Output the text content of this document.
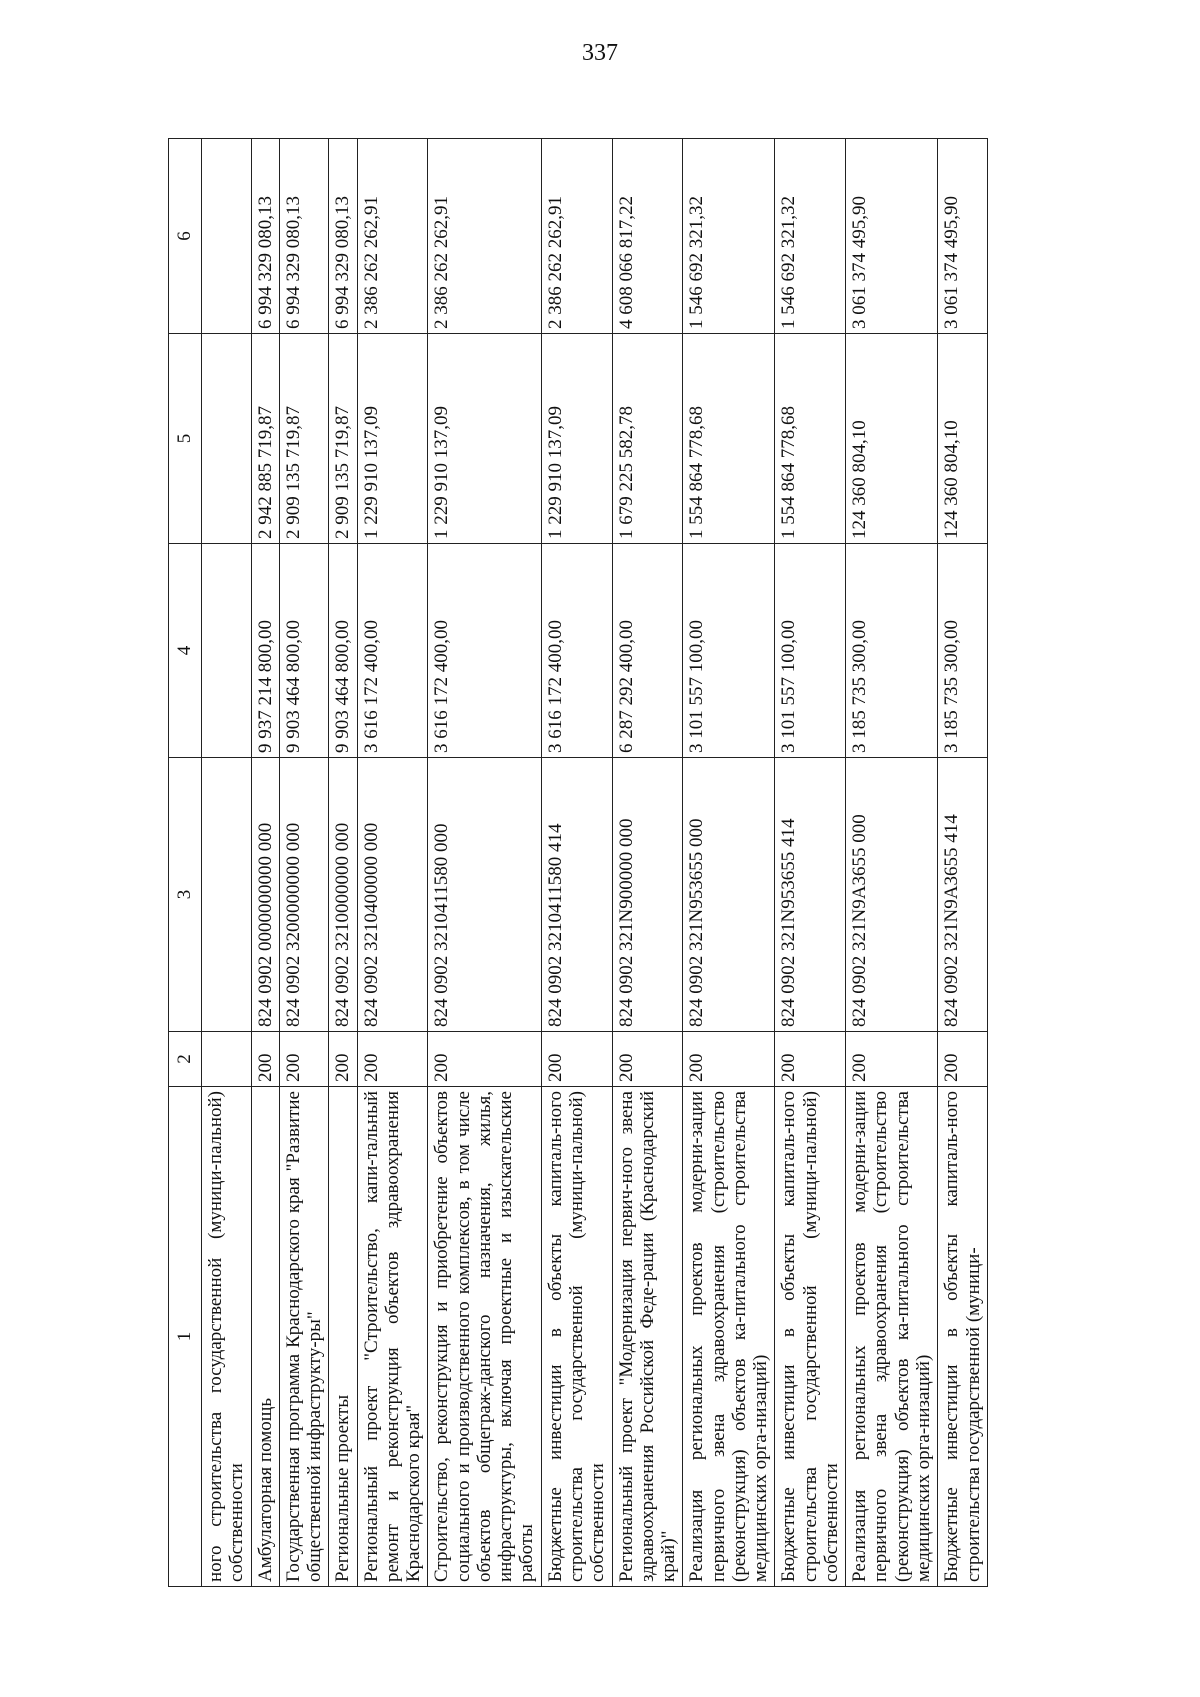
337
1	2	3	4	5	6
ного строительства государственной (муници-пальной) собственности					
Амбулаторная помощь	200	824 0902 0000000000 000	9 937 214 800,00	2 942 885 719,87	6 994 329 080,13
Государственная программа Краснодарского края "Развитие общественной инфраструкту-ры"	200	824 0902 3200000000 000	9 903 464 800,00	2 909 135 719,87	6 994 329 080,13
Региональные проекты	200	824 0902 3210000000 000	9 903 464 800,00	2 909 135 719,87	6 994 329 080,13
Региональный проект "Строительство, капи-тальный ремонт и реконструкция объектов здравоохранения Краснодарского края"	200	824 0902 3210400000 000	3 616 172 400,00	1 229 910 137,09	2 386 262 262,91
Строительство, реконструкция и приобретение объектов социального и производственного комплексов, в том числе объектов общеграж-данского назначения, жилья, инфраструктуры, включая проектные и изыскательские работы	200	824 0902 3210411580 000	3 616 172 400,00	1 229 910 137,09	2 386 262 262,91
Бюджетные инвестиции в объекты капиталь-ного строительства государственной (муници-пальной) собственности	200	824 0902 3210411580 414	3 616 172 400,00	1 229 910 137,09	2 386 262 262,91
Региональный проект "Модернизация первич-ного звена здравоохранения Российской Феде-рации (Краснодарский край)"	200	824 0902 321N900000 000	6 287 292 400,00	1 679 225 582,78	4 608 066 817,22
Реализация региональных проектов модерни-зации первичного звена здравоохранения (строительство (реконструкция) объектов ка-питального строительства медицинских орга-низаций)	200	824 0902 321N953655 000	3 101 557 100,00	1 554 864 778,68	1 546 692 321,32
Бюджетные инвестиции в объекты капиталь-ного строительства государственной (муници-пальной) собственности	200	824 0902 321N953655 414	3 101 557 100,00	1 554 864 778,68	1 546 692 321,32
Реализация региональных проектов модерни-зации первичного звена здравоохранения (строительство (реконструкция) объектов ка-питального строительства медицинских орга-низаций)	200	824 0902 321N9A3655 000	3 185 735 300,00	124 360 804,10	3 061 374 495,90
Бюджетные инвестиции в объекты капиталь-ного строительства государственной (муници-	200	824 0902 321N9A3655 414	3 185 735 300,00	124 360 804,10	3 061 374 495,90
